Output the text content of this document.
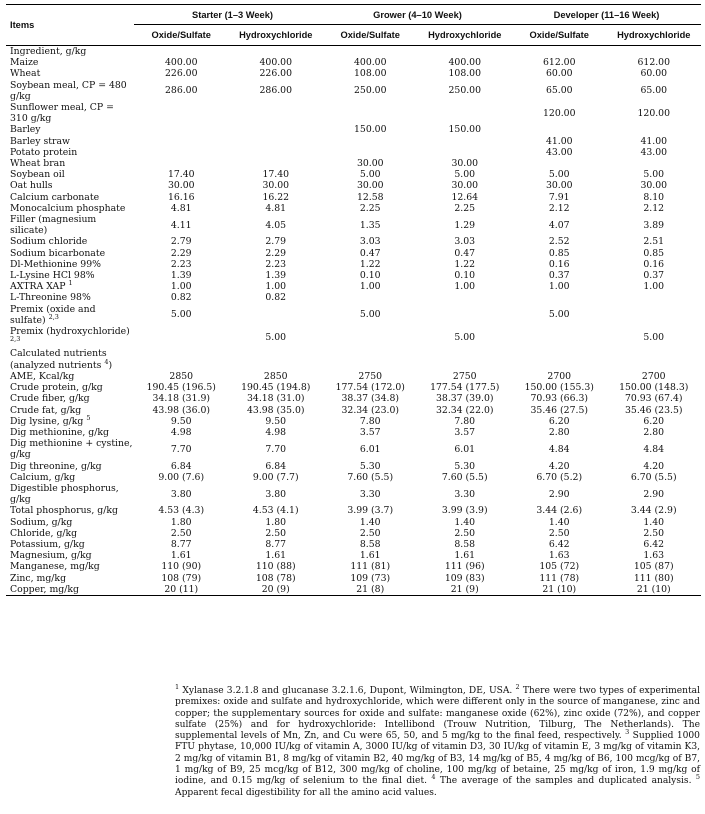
Items	Starter (1–3 Week)		Grower (4–10 Week)		Developer (11–16 Week)	
	Oxide/Sulfate	Hydroxychloride	Oxide/Sulfate	Hydroxychloride	Oxide/Sulfate	Hydroxychloride
Ingredient, g/kg						
Maize	400.00	400.00	400.00	400.00	612.00	612.00
Wheat	226.00	226.00	108.00	108.00	60.00	60.00
Soybean meal, CP = 480 g/kg	286.00	286.00	250.00	250.00	65.00	65.00
Sunflower meal, CP = 310 g/kg					120.00	120.00
Barley			150.00	150.00		
Barley straw					41.00	41.00
Potato protein					43.00	43.00
Wheat bran			30.00	30.00		
Soybean oil	17.40	17.40	5.00	5.00	5.00	5.00
Oat hulls	30.00	30.00	30.00	30.00	30.00	30.00
Calcium carbonate	16.16	16.22	12.58	12.64	7.91	8.10
Monocalcium phosphate	4.81	4.81	2.25	2.25	2.12	2.12
Filler (magnesium silicate)	4.11	4.05	1.35	1.29	4.07	3.89
Sodium chloride	2.79	2.79	3.03	3.03	2.52	2.51
Sodium bicarbonate	2.29	2.29	0.47	0.47	0.85	0.85
Dl-Methionine 99%	2.23	2.23	1.22	1.22	0.16	0.16
L-Lysine HCl 98%	1.39	1.39	0.10	0.10	0.37	0.37
AXTRA XAP $^1$	1.00	1.00	1.00	1.00	1.00	1.00
L-Threonine 98%	0.82	0.82				
Premix (oxide and sulfate) $^{2,3}$	5.00		5.00		5.00	
Premix (hydroxychloride) $^{2,3}$		5.00		5.00		5.00
Calculated nutrients (analyzed nutrients $^4$)						
AME, Kcal/kg	2850	2850	2750	2750	2700	2700
Crude protein, g/kg	190.45 (196.5)	190.45 (194.8)	177.54 (172.0)	177.54 (177.5)	150.00 (155.3)	150.00 (148.3)
Crude fiber, g/kg	34.18 (31.9)	34.18 (31.0)	38.37 (34.8)	38.37 (39.0)	70.93 (66.3)	70.93 (67.4)
Crude fat, g/kg	43.98 (36.0)	43.98 (35.0)	32.34 (23.0)	32.34 (22.0)	35.46 (27.5)	35.46 (23.5)
Dig lysine, g/kg $^5$	9.50	9.50	7.80	7.80	6.20	6.20
Dig methionine, g/kg	4.98	4.98	3.57	3.57	2.80	2.80
Dig methionine + cystine, g/kg	7.70	7.70	6.01	6.01	4.84	4.84
Dig threonine, g/kg	6.84	6.84	5.30	5.30	4.20	4.20
Calcium, g/kg	9.00 (7.6)	9.00 (7.7)	7.60 (5.5)	7.60 (5.5)	6.70 (5.2)	6.70 (5.5)
Digestible phosphorus, g/kg	3.80	3.80	3.30	3.30	2.90	2.90
Total phosphorus, g/kg	4.53 (4.3)	4.53 (4.1)	3.99 (3.7)	3.99 (3.9)	3.44 (2.6)	3.44 (2.9)
Sodium, g/kg	1.80	1.80	1.40	1.40	1.40	1.40
Chloride, g/kg	2.50	2.50	2.50	2.50	2.50	2.50
Potassium, g/kg	8.77	8.77	8.58	8.58	6.42	6.42
Magnesium, g/kg	1.61	1.61	1.61	1.61	1.63	1.63
Manganese, mg/kg	110 (90)	110 (88)	111 (81)	111 (96)	105 (72)	105 (87)
Zinc, mg/kg	108 (79)	108 (78)	109 (73)	109 (83)	111 (78)	111 (80)
Copper, mg/kg	20 (11)	20 (9)	21 (8)	21 (9)	21 (10)	21 (10)
$^1$ Xylanase 3.2.1.8 and glucanase 3.2.1.6, Dupont, Wilmington, DE, USA. $^2$ There were two types of experimental premixes: oxide and sulfate and hydroxychloride, which were different only in the source of manganese, zinc and copper; the supplementary sources for oxide and sulfate: manganese oxide (62%), zinc oxide (72%), and copper sulfate (25%) and for hydroxychloride: Intellibond (Trouw Nutrition, Tilburg, The Netherlands). The supplemental levels of Mn, Zn, and Cu were 65, 50, and 5 mg/kg to the final feed, respectively. $^3$ Supplied 1000 FTU phytase, 10,000 IU/kg of vitamin A, 3000 IU/kg of vitamin D3, 30 IU/kg of vitamin E, 3 mg/kg of vitamin K3, 2 mg/kg of vitamin B1, 8 mg/kg of vitamin B2, 40 mg/kg of B3, 14 mg/kg of B5, 4 mg/kg of B6, 100 mcg/kg of B7, 1 mg/kg of B9, 25 mcg/kg of B12, 300 mg/kg of choline, 100 mg/kg of betaine, 25 mg/kg of iron, 1.9 mg/kg of iodine, and 0.15 mg/kg of selenium to the final diet. $^4$ The average of the samples and duplicated analysis. $^5$ Apparent fecal digestibility for all the amino acid values.
